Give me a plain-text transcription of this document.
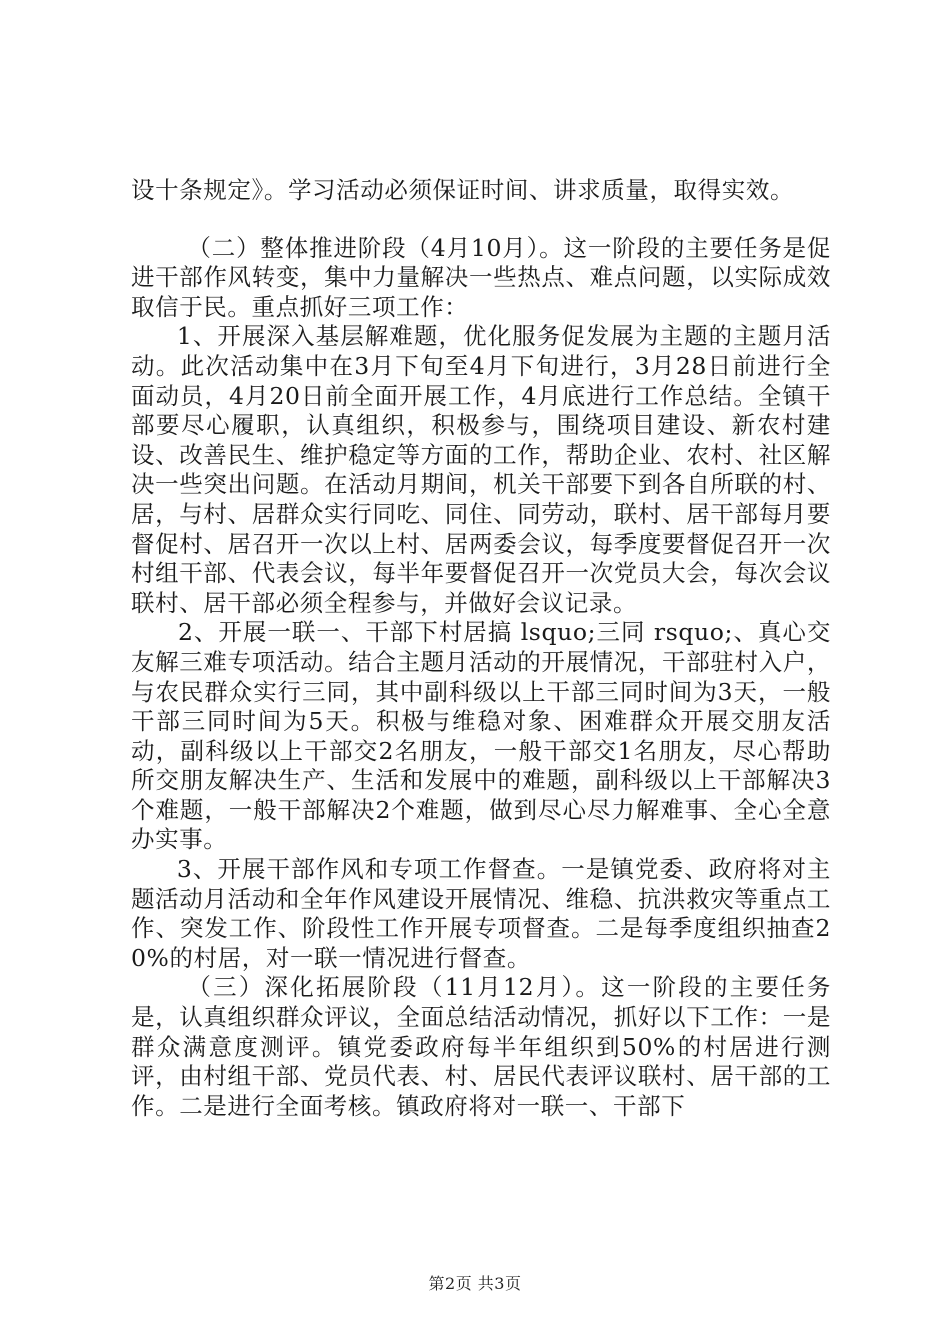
设十条规定》。学习活动必须保证时间、讲求质量，取得实效。

（二）整体推进阶段（4月10月）。这一阶段的主要任务是促进干部作风转变，集中力量解决一些热点、难点问题，以实际成效取信于民。重点抓好三项工作：

1、开展深入基层解难题，优化服务促发展为主题的主题月活动。此次活动集中在3月下旬至4月下旬进行，3月28日前进行全面动员，4月20日前全面开展工作，4月底进行工作总结。全镇干部要尽心履职，认真组织，积极参与，围绕项目建设、新农村建设、改善民生、维护稳定等方面的工作，帮助企业、农村、社区解决一些突出问题。在活动月期间，机关干部要下到各自所联的村、居，与村、居群众实行同吃、同住、同劳动，联村、居干部每月要督促村、居召开一次以上村、居两委会议，每季度要督促召开一次村组干部、代表会议，每半年要督促召开一次党员大会，每次会议联村、居干部必须全程参与，并做好会议记录。

2、开展一联一、干部下村居搞 lsquo;三同 rsquo;、真心交友解三难专项活动。结合主题月活动的开展情况，干部驻村入户，与农民群众实行三同，其中副科级以上干部三同时间为3天，一般干部三同时间为5天。积极与维稳对象、困难群众开展交朋友活动，副科级以上干部交2名朋友，一般干部交1名朋友，尽心帮助所交朋友解决生产、生活和发展中的难题，副科级以上干部解决3个难题，一般干部解决2个难题，做到尽心尽力解难事、全心全意办实事。

3、开展干部作风和专项工作督查。一是镇党委、政府将对主题活动月活动和全年作风建设开展情况、维稳、抗洪救灾等重点工作、突发工作、阶段性工作开展专项督查。二是每季度组织抽查20%的村居，对一联一情况进行督查。

（三）深化拓展阶段（11月12月）。这一阶段的主要任务是，认真组织群众评议，全面总结活动情况，抓好以下工作：一是群众满意度测评。镇党委政府每半年组织到50%的村居进行测评，由村组干部、党员代表、村、居民代表评议联村、居干部的工作。二是进行全面考核。镇政府将对一联一、干部下

第2页 共3页
